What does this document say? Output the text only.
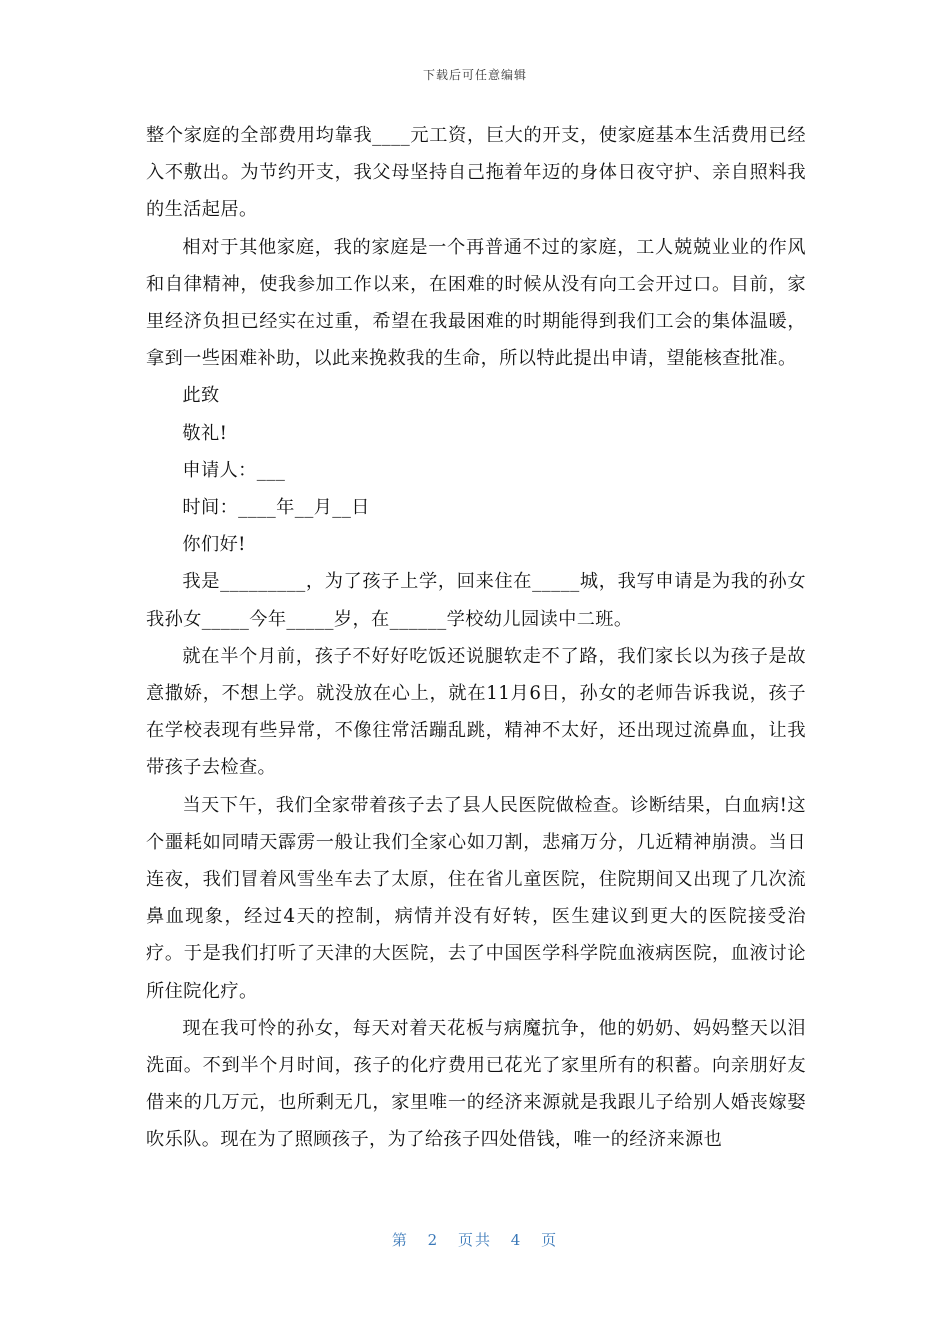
下载后可任意编辑

整个家庭的全部费用均靠我____元工资，巨大的开支，使家庭基本生活费用已经入不敷出。为节约开支，我父母坚持自己拖着年迈的身体日夜守护、亲自照料我的生活起居。

相对于其他家庭，我的家庭是一个再普通不过的家庭，工人兢兢业业的作风和自律精神，使我参加工作以来，在困难的时候从没有向工会开过口。目前，家里经济负担已经实在过重，希望在我最困难的时期能得到我们工会的集体温暖，拿到一些困难补助，以此来挽救我的生命，所以特此提出申请，望能核查批准。

此致

敬礼!

申请人：___

时间：____年__月__日

你们好!

我是_________，为了孩子上学，回来住在_____城，我写申请是为我的孙女我孙女_____今年_____岁，在______学校幼儿园读中二班。

就在半个月前，孩子不好好吃饭还说腿软走不了路，我们家长以为孩子是故意撒娇，不想上学。就没放在心上，就在11月6日，孙女的老师告诉我说，孩子在学校表现有些异常，不像往常活蹦乱跳，精神不太好，还出现过流鼻血，让我带孩子去检查。

当天下午，我们全家带着孩子去了县人民医院做检查。诊断结果，白血病!这个噩耗如同晴天霹雳一般让我们全家心如刀割，悲痛万分，几近精神崩溃。当日连夜，我们冒着风雪坐车去了太原，住在省儿童医院，住院期间又出现了几次流鼻血现象，经过4天的控制，病情并没有好转，医生建议到更大的医院接受治疗。于是我们打听了天津的大医院，去了中国医学科学院血液病医院，血液讨论所住院化疗。

现在我可怜的孙女，每天对着天花板与病魔抗争，他的奶奶、妈妈整天以泪洗面。不到半个月时间，孩子的化疗费用已花光了家里所有的积蓄。向亲朋好友借来的几万元，也所剩无几，家里唯一的经济来源就是我跟儿子给别人婚丧嫁娶吹乐队。现在为了照顾孩子，为了给孩子四处借钱，唯一的经济来源也

第 2 页共 4 页
